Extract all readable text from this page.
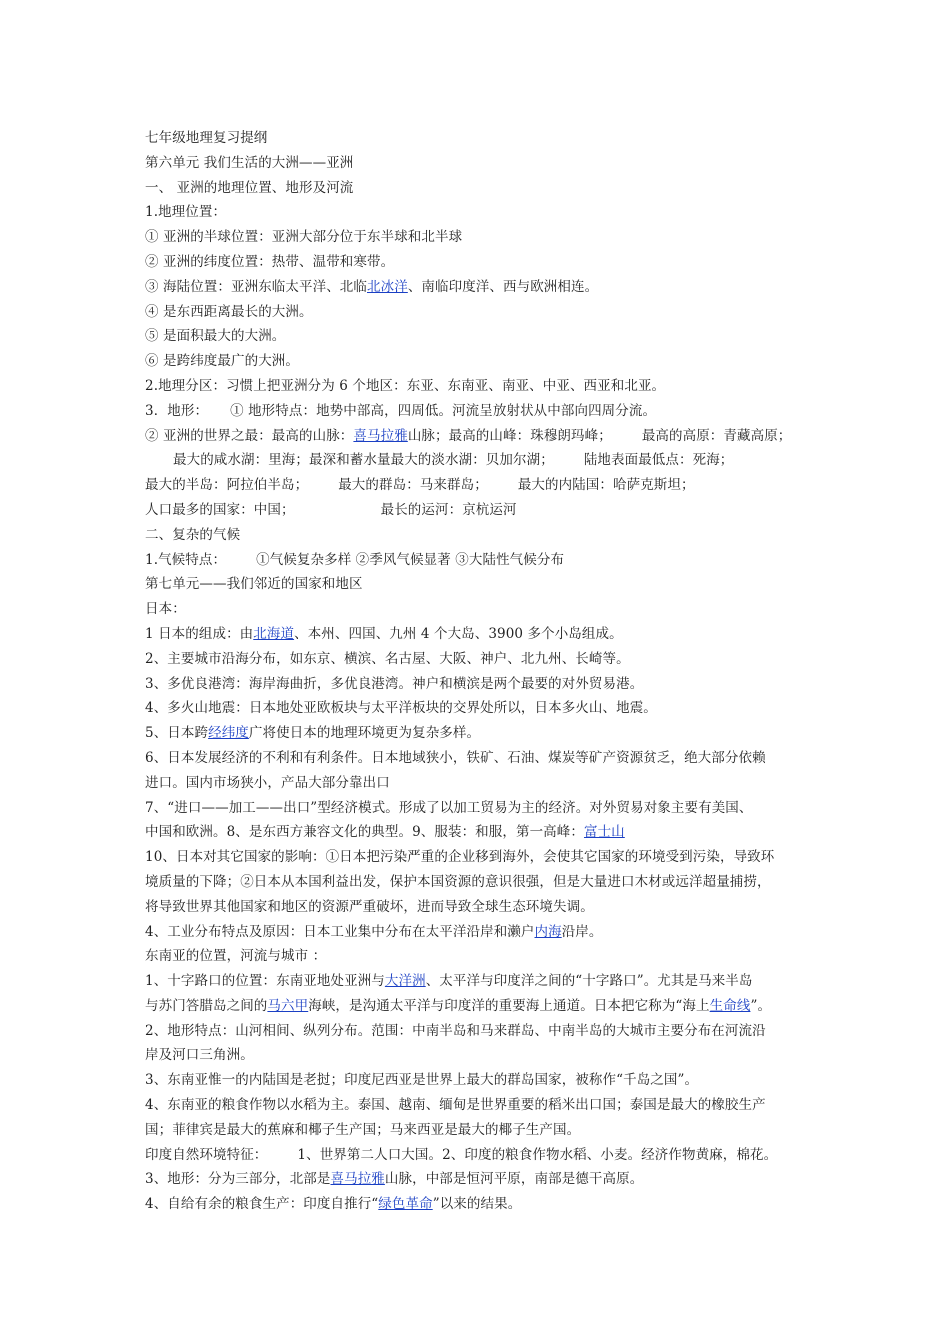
七年级地理复习提纲
第六单元 我们生活的大洲——亚洲
一、 亚洲的地理位置、地形及河流
1.地理位置：
① 亚洲的半球位置：亚洲大部分位于东半球和北半球
② 亚洲的纬度位置：热带、温带和寒带。
③ 海陆位置：亚洲东临太平洋、北临北冰洋、南临印度洋、西与欧洲相连。
④ 是东西距离最长的大洲。
⑤ 是面积最大的大洲。
⑥ 是跨纬度最广的大洲。
2.地理分区：习惯上把亚洲分为 6 个地区：东亚、东南亚、南亚、中亚、西亚和北亚。
3．地形： ① 地形特点：地势中部高，四周低。河流呈放射状从中部向四周分流。
② 亚洲的世界之最：最高的山脉：喜马拉雅山脉；最高的山峰：珠穆朗玛峰； 最高的高原：青藏高原；
最大的咸水湖：里海；最深和蓄水量最大的淡水湖：贝加尔湖； 陆地表面最低点：死海；
最大的半岛：阿拉伯半岛； 最大的群岛：马来群岛； 最大的内陆国：哈萨克斯坦；
人口最多的国家：中国；	最长的运河：京杭运河
二、复杂的气候
1.气候特点： ①气候复杂多样 ②季风气候显著 ③大陆性气候分布
第七单元——我们邻近的国家和地区
日本：
1 日本的组成：由北海道、本州、四国、九州 4 个大岛、3900 多个小岛组成。
2、主要城市沿海分布，如东京、横滨、名古屋、大阪、神户、北九州、长崎等。
3、多优良港湾：海岸海曲折，多优良港湾。神户和横滨是两个最要的对外贸易港。
4、多火山地震：日本地处亚欧板块与太平洋板块的交界处所以，日本多火山、地震。
5、日本跨经纬度广将使日本的地理环境更为复杂多样。
6、日本发展经济的不利和有利条件。日本地域狭小，铁矿、石油、煤炭等矿产资源贫乏，绝大部分依赖
进口。国内市场狭小，产品大部分靠出口
7、“进口——加工——出口”型经济模式。形成了以加工贸易为主的经济。对外贸易对象主要有美国、
中国和欧洲。8、是东西方兼容文化的典型。9、服装：和服，第一高峰：富士山
10、日本对其它国家的影响：①日本把污染严重的企业移到海外，会使其它国家的环境受到污染，导致环
境质量的下降；②日本从本国利益出发，保护本国资源的意识很强，但是大量进口木材或远洋超量捕捞，
将导致世界其他国家和地区的资源严重破坏，进而导致全球生态环境失调。
4、工业分布特点及原因：日本工业集中分布在太平洋沿岸和濑户内海沿岸。
东南亚的位置，河流与城市 ：
1、十字路口的位置：东南亚地处亚洲与大洋洲、太平洋与印度洋之间的“十字路口”。尤其是马来半岛
与苏门答腊岛之间的马六甲海峡，是沟通太平洋与印度洋的重要海上通道。日本把它称为“海上生命线”。
2、地形特点：山河相间、纵列分布。范围：中南半岛和马来群岛、中南半岛的大城市主要分布在河流沿
岸及河口三角洲。
3、东南亚惟一的内陆国是老挝；印度尼西亚是世界上最大的群岛国家，被称作“千岛之国”。
4、东南亚的粮食作物以水稻为主。泰国、越南、缅甸是世界重要的稻米出口国；泰国是最大的橡胶生产
国；菲律宾是最大的蕉麻和椰子生产国；马来西亚是最大的椰子生产国。
印度自然环境特征： 1、世界第二人口大国。2、印度的粮食作物水稻、小麦。经济作物黄麻，棉花。
3、地形：分为三部分，北部是喜马拉雅山脉，中部是恒河平原，南部是德干高原。
4、自给有余的粮食生产：印度自推行“绿色革命”以来的结果。
